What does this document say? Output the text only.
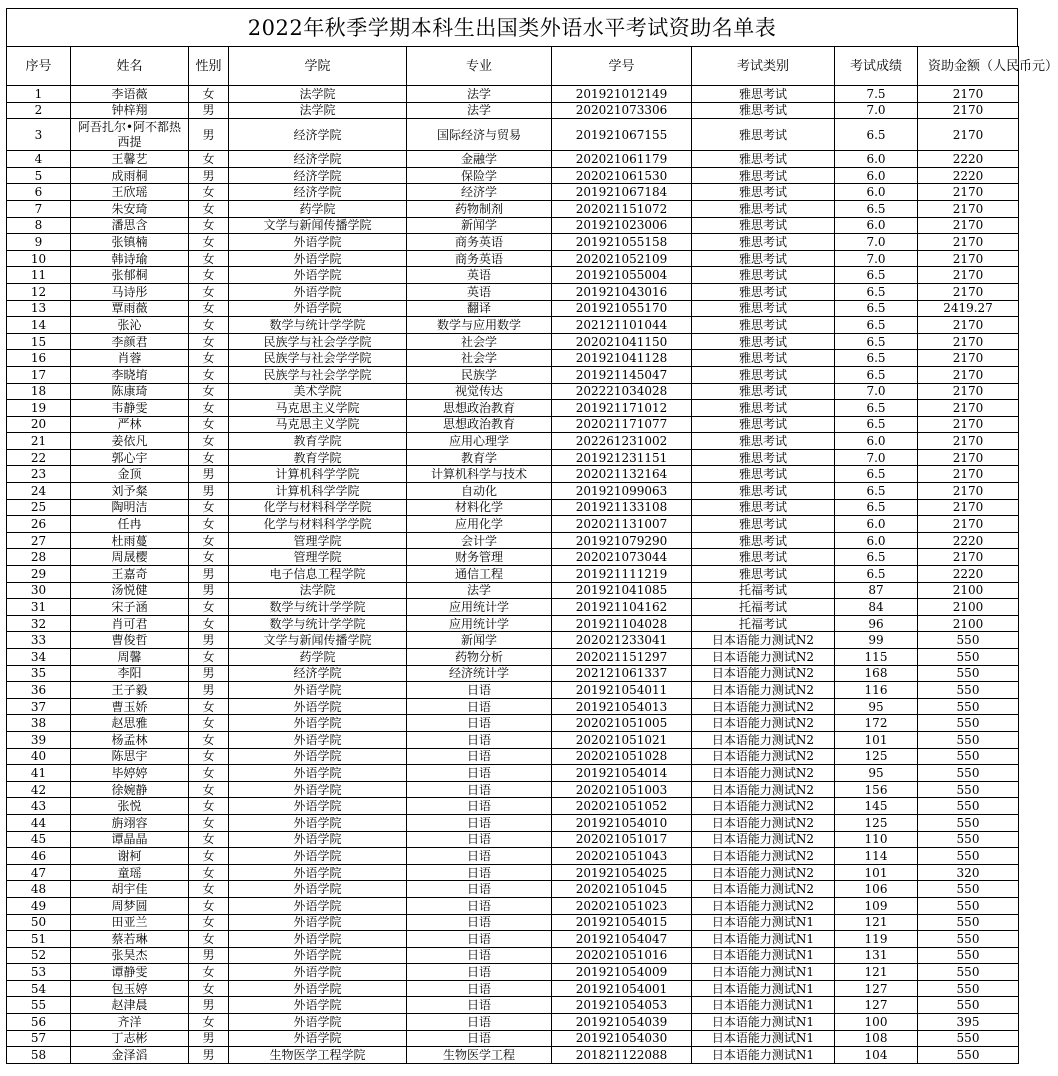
2022年秋季学期本科生出国类外语水平考试资助名单表
序号	姓名	性别	学院	专业	学号	考试类别	考试成绩	资助金额（人民币元）

1	李语薇	女	法学院	法学	201921012149	雅思考试	7.5	2170
2	钟梓翔	男	法学院	法学	202021073306	雅思考试	7.0	2170
3	阿吾扎尔•阿不都热西提	男	经济学院	国际经济与贸易	201921067155	雅思考试	6.5	2170
4	王馨艺	女	经济学院	金融学	202021061179	雅思考试	6.0	2220
5	成雨桐	男	经济学院	保险学	202021061530	雅思考试	6.0	2220
6	王欣瑶	女	经济学院	经济学	201921067184	雅思考试	6.0	2170
7	朱安琦	女	药学院	药物制剂	202021151072	雅思考试	6.5	2170
8	潘思含	女	文学与新闻传播学院	新闻学	201921023006	雅思考试	6.0	2170
9	张镇楠	女	外语学院	商务英语	201921055158	雅思考试	7.0	2170
10	韩诗瑜	女	外语学院	商务英语	202021052109	雅思考试	7.0	2170
11	张郁桐	女	外语学院	英语	201921055004	雅思考试	6.5	2170
12	马诗彤	女	外语学院	英语	201921043016	雅思考试	6.5	2170
13	覃雨薇	女	外语学院	翻译	201921055170	雅思考试	6.5	2419.27
14	张沁	女	数学与统计学学院	数学与应用数学	202121101044	雅思考试	6.5	2170
15	李颜君	女	民族学与社会学学院	社会学	202021041150	雅思考试	6.5	2170
16	肖蓉	女	民族学与社会学学院	社会学	201921041128	雅思考试	6.5	2170
17	李晓堉	女	民族学与社会学学院	民族学	201921145047	雅思考试	6.5	2170
18	陈康琦	女	美术学院	视觉传达	202221034028	雅思考试	7.0	2170
19	韦静雯	女	马克思主义学院	思想政治教育	201921171012	雅思考试	6.5	2170
20	严林	女	马克思主义学院	思想政治教育	202021171077	雅思考试	6.5	2170
21	姜依凡	女	教育学院	应用心理学	202261231002	雅思考试	6.0	2170
22	郭心宇	女	教育学院	教育学	201921231151	雅思考试	7.0	2170
23	金顶	男	计算机科学学院	计算机科学与技术	202021132164	雅思考试	6.5	2170
24	刘予粲	男	计算机科学学院	自动化	201921099063	雅思考试	6.5	2170
25	陶明洁	女	化学与材料科学学院	材料化学	201921133108	雅思考试	6.5	2170
26	任冉	女	化学与材料科学学院	应用化学	202021131007	雅思考试	6.0	2170
27	杜雨蔓	女	管理学院	会计学	201921079290	雅思考试	6.0	2220
28	周晟樱	女	管理学院	财务管理	202021073044	雅思考试	6.5	2170
29	王嘉奇	男	电子信息工程学院	通信工程	201921111219	雅思考试	6.5	2220
30	汤悦健	男	法学院	法学	201921041085	托福考试	87	2100
31	宋子涵	女	数学与统计学学院	应用统计学	201921104162	托福考试	84	2100
32	肖可君	女	数学与统计学学院	应用统计学	201921104028	托福考试	96	2100
33	曹俊哲	男	文学与新闻传播学院	新闻学	202021233041	日本语能力测试N2	99	550
34	周馨	女	药学院	药物分析	202021151297	日本语能力测试N2	115	550
35	李阳	男	经济学院	经济统计学	202121061337	日本语能力测试N2	168	550
36	王子毅	男	外语学院	日语	201921054011	日本语能力测试N2	116	550
37	曹玉娇	女	外语学院	日语	201921054013	日本语能力测试N2	95	550
38	赵思雅	女	外语学院	日语	202021051005	日本语能力测试N2	172	550
39	杨孟林	女	外语学院	日语	202021051021	日本语能力测试N2	101	550
40	陈思宇	女	外语学院	日语	202021051028	日本语能力测试N2	125	550
41	毕婷婷	女	外语学院	日语	201921054014	日本语能力测试N2	95	550
42	徐婉静	女	外语学院	日语	202021051003	日本语能力测试N2	156	550
43	张悦	女	外语学院	日语	202021051052	日本语能力测试N2	145	550
44	旃翊容	女	外语学院	日语	201921054010	日本语能力测试N2	125	550
45	谭晶晶	女	外语学院	日语	202021051017	日本语能力测试N2	110	550
46	谢柯	女	外语学院	日语	202021051043	日本语能力测试N2	114	550
47	童瑶	女	外语学院	日语	201921054025	日本语能力测试N2	101	320
48	胡宇佳	女	外语学院	日语	202021051045	日本语能力测试N2	106	550
49	周梦圆	女	外语学院	日语	202021051023	日本语能力测试N2	109	550
50	田亚兰	女	外语学院	日语	201921054015	日本语能力测试N1	121	550
51	蔡若琳	女	外语学院	日语	201921054047	日本语能力测试N1	119	550
52	张昊杰	男	外语学院	日语	202021051016	日本语能力测试N1	131	550
53	谭静雯	女	外语学院	日语	201921054009	日本语能力测试N1	121	550
54	包玉婷	女	外语学院	日语	201921054001	日本语能力测试N1	127	550
55	赵津晨	男	外语学院	日语	201921054053	日本语能力测试N1	127	550
56	齐洋	女	外语学院	日语	201921054039	日本语能力测试N1	100	395
57	丁志彬	男	外语学院	日语	201921054030	日本语能力测试N1	108	550
58	金泽滔	男	生物医学工程学院	生物医学工程	201821122088	日本语能力测试N1	104	550
